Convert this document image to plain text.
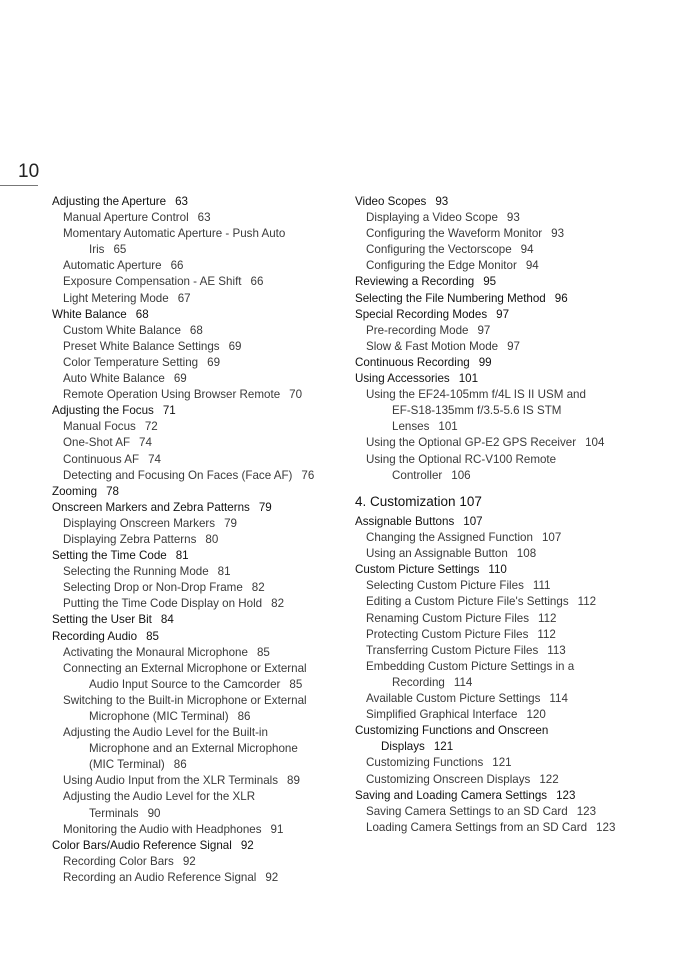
10
Adjusting the Aperture 63
Manual Aperture Control 63
Momentary Automatic Aperture - Push Auto
Iris 65
Automatic Aperture 66
Exposure Compensation - AE Shift 66
Light Metering Mode 67
White Balance 68
Custom White Balance 68
Preset White Balance Settings 69
Color Temperature Setting 69
Auto White Balance 69
Remote Operation Using Browser Remote 70
Adjusting the Focus 71
Manual Focus 72
One-Shot AF 74
Continuous AF 74
Detecting and Focusing On Faces (Face AF) 76
Zooming 78
Onscreen Markers and Zebra Patterns 79
Displaying Onscreen Markers 79
Displaying Zebra Patterns 80
Setting the Time Code 81
Selecting the Running Mode 81
Selecting Drop or Non-Drop Frame 82
Putting the Time Code Display on Hold 82
Setting the User Bit 84
Recording Audio 85
Activating the Monaural Microphone 85
Connecting an External Microphone or External
Audio Input Source to the Camcorder 85
Switching to the Built-in Microphone or External
Microphone (MIC Terminal) 86
Adjusting the Audio Level for the Built-in
Microphone and an External Microphone
(MIC Terminal) 86
Using Audio Input from the XLR Terminals 89
Adjusting the Audio Level for the XLR
Terminals 90
Monitoring the Audio with Headphones 91
Color Bars/Audio Reference Signal 92
Recording Color Bars 92
Recording an Audio Reference Signal 92
Video Scopes 93
Displaying a Video Scope 93
Configuring the Waveform Monitor 93
Configuring the Vectorscope 94
Configuring the Edge Monitor 94
Reviewing a Recording 95
Selecting the File Numbering Method 96
Special Recording Modes 97
Pre-recording Mode 97
Slow & Fast Motion Mode 97
Continuous Recording 99
Using Accessories 101
Using the EF24-105mm f/4L IS II USM and
EF-S18-135mm f/3.5-5.6 IS STM
Lenses 101
Using the Optional GP-E2 GPS Receiver 104
Using the Optional RC-V100 Remote
Controller 106
4. Customization 107
Assignable Buttons 107
Changing the Assigned Function 107
Using an Assignable Button 108
Custom Picture Settings 110
Selecting Custom Picture Files 111
Editing a Custom Picture File's Settings 112
Renaming Custom Picture Files 112
Protecting Custom Picture Files 112
Transferring Custom Picture Files 113
Embedding Custom Picture Settings in a
Recording 114
Available Custom Picture Settings 114
Simplified Graphical Interface 120
Customizing Functions and Onscreen
Displays 121
Customizing Functions 121
Customizing Onscreen Displays 122
Saving and Loading Camera Settings 123
Saving Camera Settings to an SD Card 123
Loading Camera Settings from an SD Card 123
